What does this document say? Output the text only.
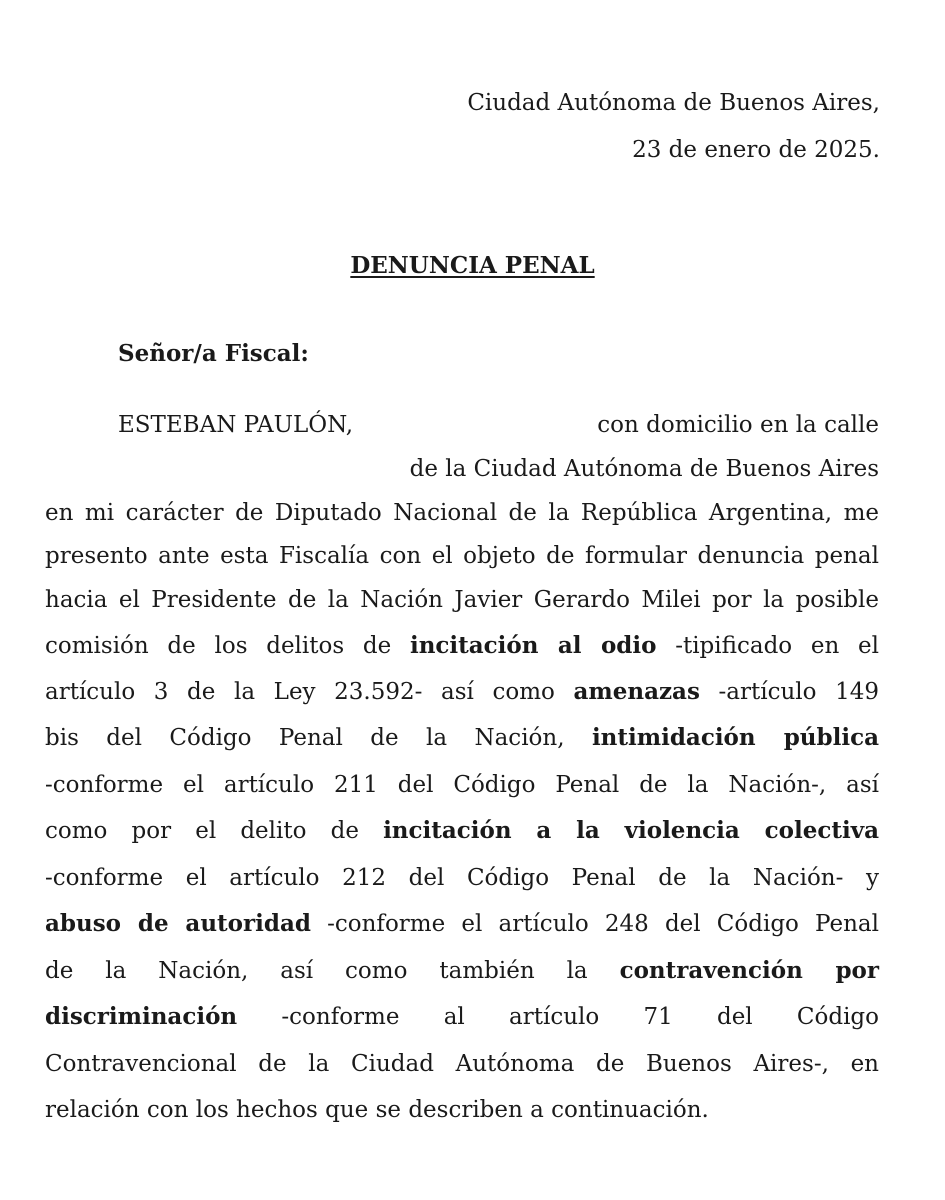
Ciudad Autónoma de Buenos Aires,
23 de enero de 2025.
DENUNCIA PENAL
Señor/a Fiscal:
ESTEBAN PAULÓN,	con domicilio en la calle
de la Ciudad Autónoma de Buenos Aires
en mi carácter de Diputado Nacional de la República Argentina, me
presento ante esta Fiscalía con el objeto de formular denuncia penal
hacia el Presidente de la Nación Javier Gerardo Milei por la posible
comisión de los delitos de incitación al odio -tipificado en el
artículo 3 de la Ley 23.592- así como amenazas -artículo 149
bis del Código Penal de la Nación, intimidación pública
-conforme el artículo 211 del Código Penal de la Nación-, así
como por el delito de incitación a la violencia colectiva
-conforme el artículo 212 del Código Penal de la Nación- y
abuso de autoridad -conforme el artículo 248 del Código Penal
de la Nación, así como también la contravención por
discriminación -conforme al artículo 71 del Código
Contravencional de la Ciudad Autónoma de Buenos Aires-, en
relación con los hechos que se describen a continuación.
